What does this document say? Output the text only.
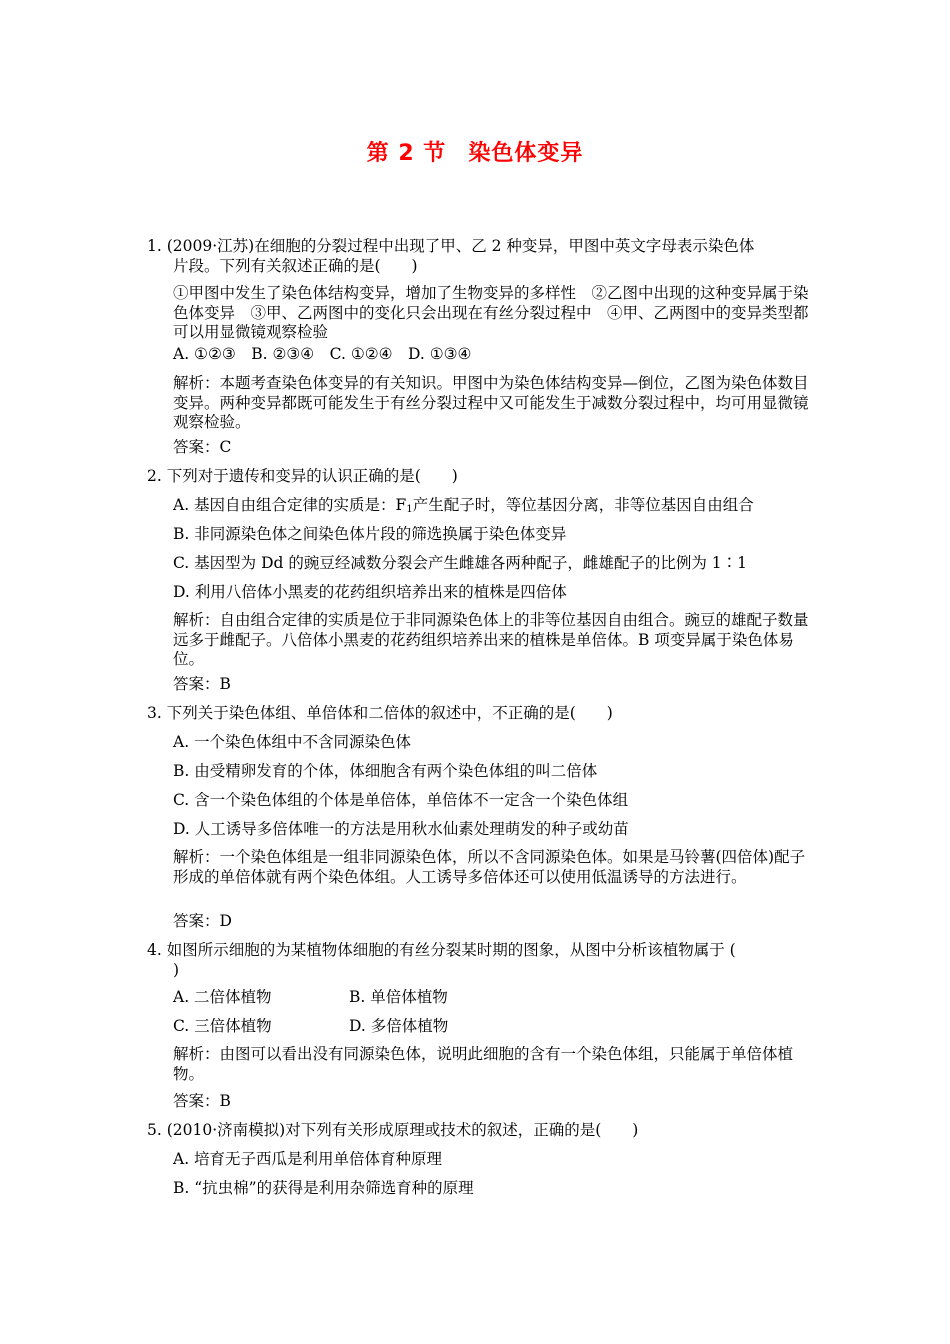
第 2 节 染色体变异
1. (2009·江苏)在细胞的分裂过程中出现了甲、乙 2 种变异，甲图中英文字母表示染色体
片段。下列有关叙述正确的是(　　)
①甲图中发生了染色体结构变异，增加了生物变异的多样性　②乙图中出现的这种变异属于染色体变异　③甲、乙两图中的变化只会出现在有丝分裂过程中　④甲、乙两图中的变异类型都可以用显微镜观察检验
A. ①②③　B. ②③④　C. ①②④　D. ①③④
解析：本题考查染色体变异的有关知识。甲图中为染色体结构变异—倒位，乙图为染色体数目变异。两种变异都既可能发生于有丝分裂过程中又可能发生于减数分裂过程中，均可用显微镜观察检验。
答案：C
2. 下列对于遗传和变异的认识正确的是(　　)
A. 基因自由组合定律的实质是：$F_1$产生配子时，等位基因分离，非等位基因自由组合
B. 非同源染色体之间染色体片段的筛选换属于染色体变异
C. 基因型为 Dd 的豌豆经减数分裂会产生雌雄各两种配子，雌雄配子的比例为 1∶1
D. 利用八倍体小黑麦的花药组织培养出来的植株是四倍体
解析：自由组合定律的实质是位于非同源染色体上的非等位基因自由组合。豌豆的雄配子数量远多于雌配子。八倍体小黑麦的花药组织培养出来的植株是单倍体。B 项变异属于染色体易位。
答案：B
3. 下列关于染色体组、单倍体和二倍体的叙述中，不正确的是(　　)
A. 一个染色体组中不含同源染色体
B. 由受精卵发育的个体，体细胞含有两个染色体组的叫二倍体
C. 含一个染色体组的个体是单倍体，单倍体不一定含一个染色体组
D. 人工诱导多倍体唯一的方法是用秋水仙素处理萌发的种子或幼苗
解析：一个染色体组是一组非同源染色体，所以不含同源染色体。如果是马铃薯(四倍体)配子形成的单倍体就有两个染色体组。人工诱导多倍体还可以使用低温诱导的方法进行。
答案：D
4. 如图所示细胞的为某植物体细胞的有丝分裂某时期的图象，从图中分析该植物属于 (
)
A. 二倍体植物	B. 单倍体植物
C. 三倍体植物	D. 多倍体植物
解析：由图可以看出没有同源染色体，说明此细胞的含有一个染色体组，只能属于单倍体植物。
答案：B
5. (2010·济南模拟)对下列有关形成原理或技术的叙述，正确的是(　　)
A. 培育无子西瓜是利用单倍体育种原理
B. “抗虫棉”的获得是利用杂筛选育种的原理
